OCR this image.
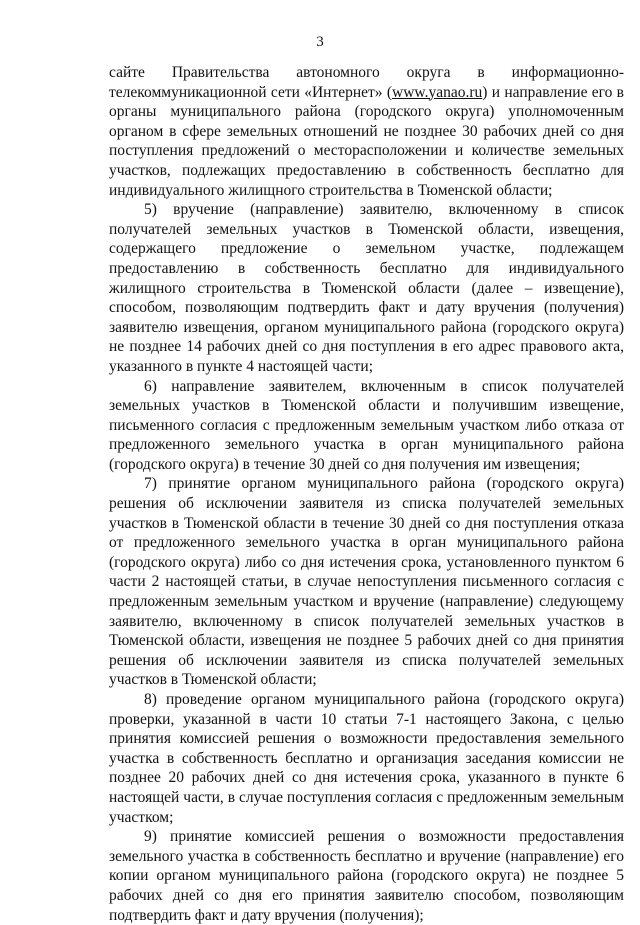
3

сайте Правительства автономного округа в информационно-телекоммуникационной сети «Интернет» (www.yanao.ru) и направление его в органы муниципального района (городского округа) уполномоченным органом в сфере земельных отношений не позднее 30 рабочих дней со дня поступления предложений о месторасположении и количестве земельных участков, подлежащих предоставлению в собственность бесплатно для индивидуального жилищного строительства в Тюменской области;

5) вручение (направление) заявителю, включенному в список получателей земельных участков в Тюменской области, извещения, содержащего предложение о земельном участке, подлежащем предоставлению в собственность бесплатно для индивидуального жилищного строительства в Тюменской области (далее – извещение), способом, позволяющим подтвердить факт и дату вручения (получения) заявителю извещения, органом муниципального района (городского округа) не позднее 14 рабочих дней со дня поступления в его адрес правового акта, указанного в пункте 4 настоящей части;

6) направление заявителем, включенным в список получателей земельных участков в Тюменской области и получившим извещение, письменного согласия с предложенным земельным участком либо отказа от предложенного земельного участка в орган муниципального района (городского округа) в течение 30 дней со дня получения им извещения;

7) принятие органом муниципального района (городского округа) решения об исключении заявителя из списка получателей земельных участков в Тюменской области в течение 30 дней со дня поступления отказа от предложенного земельного участка в орган муниципального района (городского округа) либо со дня истечения срока, установленного пунктом 6 части 2 настоящей статьи, в случае непоступления письменного согласия с предложенным земельным участком и вручение (направление) следующему заявителю, включенному в список получателей земельных участков в Тюменской области, извещения не позднее 5 рабочих дней со дня принятия решения об исключении заявителя из списка получателей земельных участков в Тюменской области;

8) проведение органом муниципального района (городского округа) проверки, указанной в части 10 статьи 7-1 настоящего Закона, с целью принятия комиссией решения о возможности предоставления земельного участка в собственность бесплатно и организация заседания комиссии не позднее 20 рабочих дней со дня истечения срока, указанного в пункте 6 настоящей части, в случае поступления согласия с предложенным земельным участком;

9) принятие комиссией решения о возможности предоставления земельного участка в собственность бесплатно и вручение (направление) его копии органом муниципального района (городского округа) не позднее 5 рабочих дней со дня его принятия заявителю способом, позволяющим подтвердить факт и дату вручения (получения);
